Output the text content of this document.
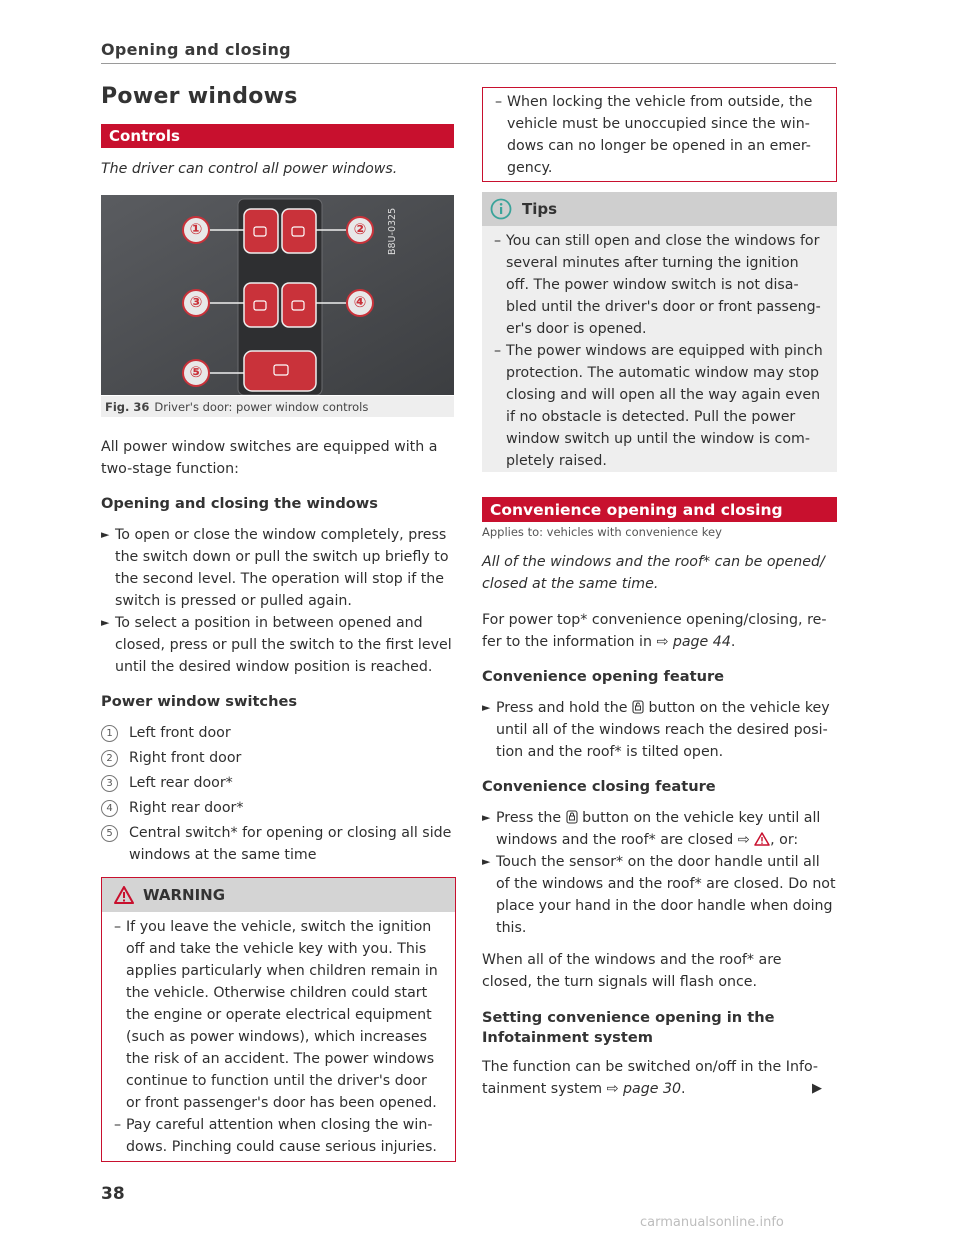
Opening and closing
Power windows
Controls

The driver can control all power windows.

①	②
③	④
⑤
B8U-0325
Fig. 36 Driver's door: power window controls

All power window switches are equipped with a

two-stage function:

Opening and closing the windows
► To open or close the window completely, press
the switch down or pull the switch up briefly to
the second level. The operation will stop if the
switch is pressed or pulled again.
► To select a position in between opened and
closed, press or pull the switch to the first level
until the desired window position is reached.
Power window switches
1	Left front door
2	Right front door
3	Left rear door*
4	Right rear door*
5	Central switch* for opening or closing all side
windows at the same time
WARNING
– If you leave the vehicle, switch the ignition
off and take the vehicle key with you. This
applies particularly when children remain in
the vehicle. Otherwise children could start
the engine or operate electrical equipment
(such as power windows), which increases
the risk of an accident. The power windows
continue to function until the driver's door
or front passenger's door has been opened.
– Pay careful attention when closing the win-
dows. Pinching could cause serious injuries.
– When locking the vehicle from outside, the
vehicle must be unoccupied since the win-
dows can no longer be opened in an emer-
gency.
Tips
– You can still open and close the windows for
several minutes after turning the ignition
off. The power window switch is not disa-
bled until the driver's door or front passeng-
er's door is opened.
– The power windows are equipped with pinch
protection. The automatic window may stop
closing and will open all the way again even
if no obstacle is detected. Pull the power
window switch up until the window is com-
pletely raised.
Convenience opening and closing
Applies to: vehicles with convenience key

All of the windows and the roof* can be opened/

closed at the same time.

For power top* convenience opening/closing, re-

fer to the information in ⇨ page 44.

Convenience opening feature
► Press and hold the  button on the vehicle key
until all of the windows reach the desired posi-
tion and the roof* is tilted open.
Convenience closing feature
► Press the  button on the vehicle key until all
windows and the roof* are closed ⇨ , or:
► Touch the sensor* on the door handle until all
of the windows and the roof* are closed. Do not
place your hand in the door handle when doing
this.

When all of the windows and the roof* are

closed, the turn signals will flash once.

Setting convenience opening in the
Infotainment system

The function can be switched on/off in the Info-

tainment system ⇨ page 30.	▶
38
carmanualsonline.info
